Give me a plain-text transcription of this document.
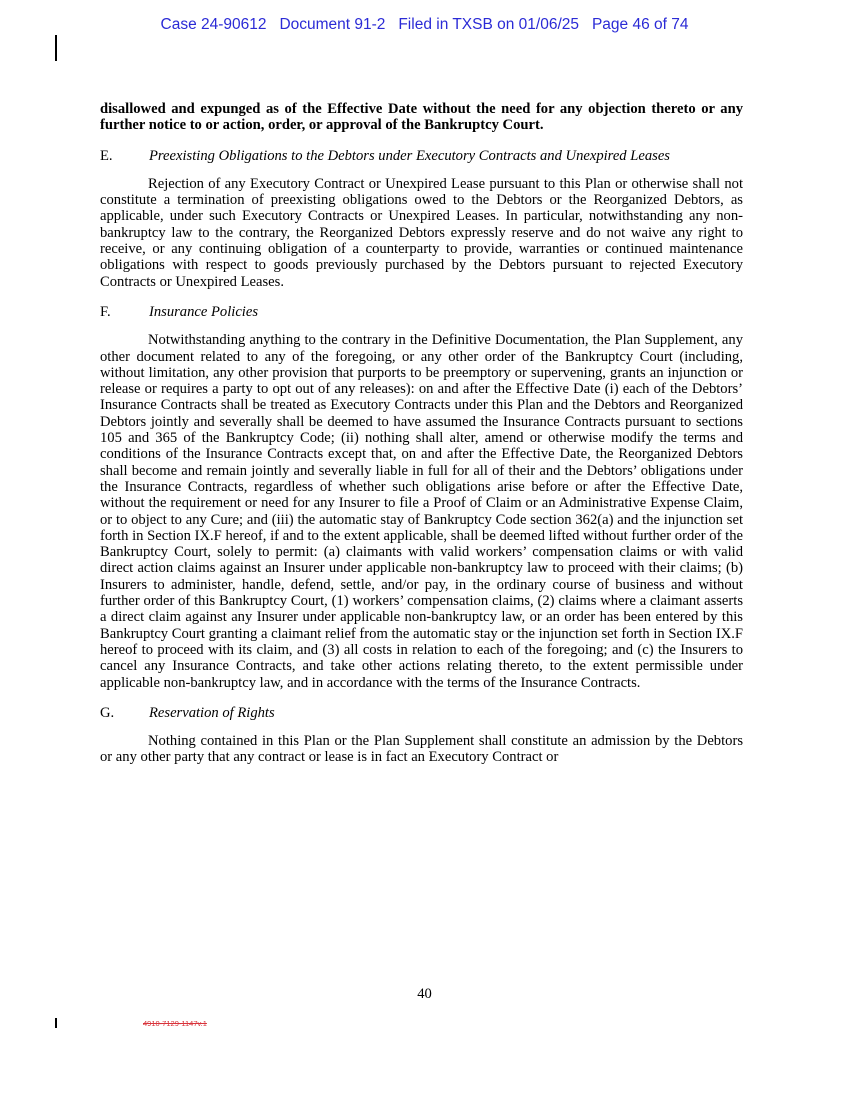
Case 24-90612 Document 91-2 Filed in TXSB on 01/06/25 Page 46 of 74

disallowed and expunged as of the Effective Date without the need for any objection thereto or any further notice to or action, order, or approval of the Bankruptcy Court.

E. Preexisting Obligations to the Debtors under Executory Contracts and Unexpired Leases

Rejection of any Executory Contract or Unexpired Lease pursuant to this Plan or otherwise shall not constitute a termination of preexisting obligations owed to the Debtors or the Reorganized Debtors, as applicable, under such Executory Contracts or Unexpired Leases. In particular, notwithstanding any non-bankruptcy law to the contrary, the Reorganized Debtors expressly reserve and do not waive any right to receive, or any continuing obligation of a counterparty to provide, warranties or continued maintenance obligations with respect to goods previously purchased by the Debtors pursuant to rejected Executory Contracts or Unexpired Leases.

F.	Insurance Policies

Notwithstanding anything to the contrary in the Definitive Documentation, the Plan Supplement, any other document related to any of the foregoing, or any other order of the Bankruptcy Court (including, without limitation, any other provision that purports to be preemptory or supervening, grants an injunction or release or requires a party to opt out of any releases): on and after the Effective Date (i) each of the Debtors’ Insurance Contracts shall be treated as Executory Contracts under this Plan and the Debtors and Reorganized Debtors jointly and severally shall be deemed to have assumed the Insurance Contracts pursuant to sections 105 and 365 of the Bankruptcy Code; (ii) nothing shall alter, amend or otherwise modify the terms and conditions of the Insurance Contracts except that, on and after the Effective Date, the Reorganized Debtors shall become and remain jointly and severally liable in full for all of their and the Debtors’ obligations under the Insurance Contracts, regardless of whether such obligations arise before or after the Effective Date, without the requirement or need for any Insurer to file a Proof of Claim or an Administrative Expense Claim, or to object to any Cure; and (iii) the automatic stay of Bankruptcy Code section 362(a) and the injunction set forth in Section IX.F hereof, if and to the extent applicable, shall be deemed lifted without further order of the Bankruptcy Court, solely to permit: (a) claimants with valid workers’ compensation claims or with valid direct action claims against an Insurer under applicable non-bankruptcy law to proceed with their claims; (b) Insurers to administer, handle, defend, settle, and/or pay, in the ordinary course of business and without further order of this Bankruptcy Court, (1) workers’ compensation claims, (2) claims where a claimant asserts a direct claim against any Insurer under applicable non-bankruptcy law, or an order has been entered by this Bankruptcy Court granting a claimant relief from the automatic stay or the injunction set forth in Section IX.F hereof to proceed with its claim, and (3) all costs in relation to each of the foregoing; and (c) the Insurers to cancel any Insurance Contracts, and take other actions relating thereto, to the extent permissible under applicable non-bankruptcy law, and in accordance with the terms of the Insurance Contracts.

G. Reservation of Rights

Nothing contained in this Plan or the Plan Supplement shall constitute an admission by the Debtors or any other party that any contract or lease is in fact an Executory Contract or

40
4910-7129-1147v.1
